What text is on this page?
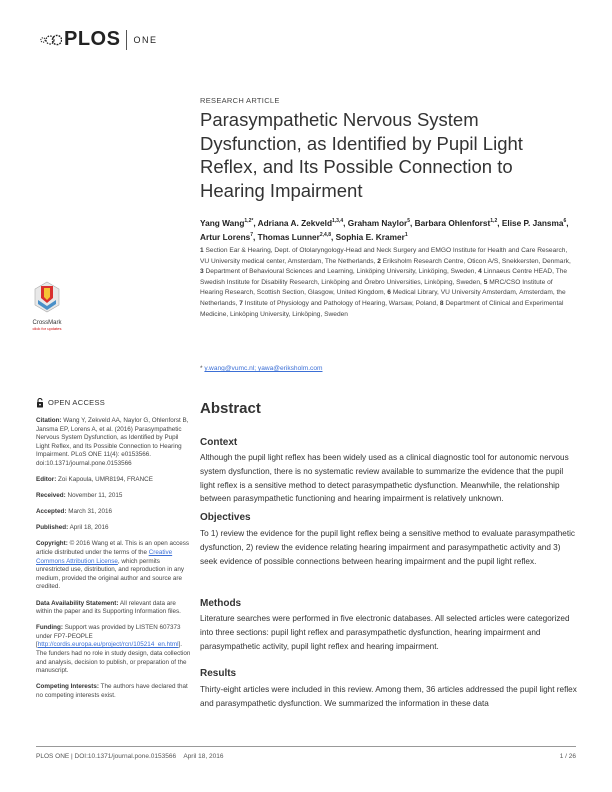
PLOS ONE
RESEARCH ARTICLE
Parasympathetic Nervous System Dysfunction, as Identified by Pupil Light Reflex, and Its Possible Connection to Hearing Impairment
Yang Wang$^{1,2*}$, Adriana A. Zekveld$^{1,3,4}$, Graham Naylor$^5$, Barbara Ohlenforst$^{1,2}$, Elise P. Jansma$^6$, Artur Lorens$^7$, Thomas Lunner$^{2,4,8}$, Sophia E. Kramer$^1$
1 Section Ear & Hearing, Dept. of Otolaryngology-Head and Neck Surgery and EMGO Institute for Health and Care Research, VU University medical center, Amsterdam, The Netherlands, 2 Eriksholm Research Centre, Oticon A/S, Snekkersten, Denmark, 3 Department of Behavioural Sciences and Learning, Linköping University, Linköping, Sweden, 4 Linnaeus Centre HEAD, The Swedish Institute for Disability Research, Linköping and Örebro Universities, Linköping, Sweden, 5 MRC/CSO Institute of Hearing Research, Scottish Section, Glasgow, United Kingdom, 6 Medical Library, VU University Amsterdam, Amsterdam, the Netherlands, 7 Institute of Physiology and Pathology of Hearing, Warsaw, Poland, 8 Department of Clinical and Experimental Medicine, Linköping University, Linköping, Sweden
* y.wang@vumc.nl; yawa@eriksholm.com
CrossMark
click for updates
OPEN ACCESS
Citation: Wang Y, Zekveld AA, Naylor G, Ohlenforst B, Jansma EP, Lorens A, et al. (2016) Parasympathetic Nervous System Dysfunction, as Identified by Pupil Light Reflex, and Its Possible Connection to Hearing Impairment. PLoS ONE 11(4): e0153566. doi:10.1371/journal.pone.0153566
Editor: Zoi Kapoula, UMR8194, FRANCE
Received: November 11, 2015
Accepted: March 31, 2016
Published: April 18, 2016
Copyright: © 2016 Wang et al. This is an open access article distributed under the terms of the Creative Commons Attribution License, which permits unrestricted use, distribution, and reproduction in any medium, provided the original author and source are credited.
Data Availability Statement: All relevant data are within the paper and its Supporting Information files.
Funding: Support was provided by LISTEN 607373 under FP7-PEOPLE [http://cordis.europa.eu/project/rcn/105214_en.html]. The funders had no role in study design, data collection and analysis, decision to publish, or preparation of the manuscript.
Competing Interests: The authors have declared that no competing interests exist.
Abstract
Context

Although the pupil light reflex has been widely used as a clinical diagnostic tool for autonomic nervous system dysfunction, there is no systematic review available to summarize the evidence that the pupil light reflex is a sensitive method to detect parasympathetic dysfunction. Meanwhile, the relationship between parasympathetic functioning and hearing impairment is relatively unknown.

Objectives

To 1) review the evidence for the pupil light reflex being a sensitive method to evaluate parasympathetic dysfunction, 2) review the evidence relating hearing impairment and parasympathetic activity and 3) seek evidence of possible connections between hearing impairment and the pupil light reflex.

Methods

Literature searches were performed in five electronic databases. All selected articles were categorized into three sections: pupil light reflex and parasympathetic dysfunction, hearing impairment and parasympathetic activity, pupil light reflex and hearing impairment.

Results

Thirty-eight articles were included in this review. Among them, 36 articles addressed the pupil light reflex and parasympathetic dysfunction. We summarized the information in these data

PLOS ONE | DOI:10.1371/journal.pone.0153566 April 18, 2016	1 / 26
